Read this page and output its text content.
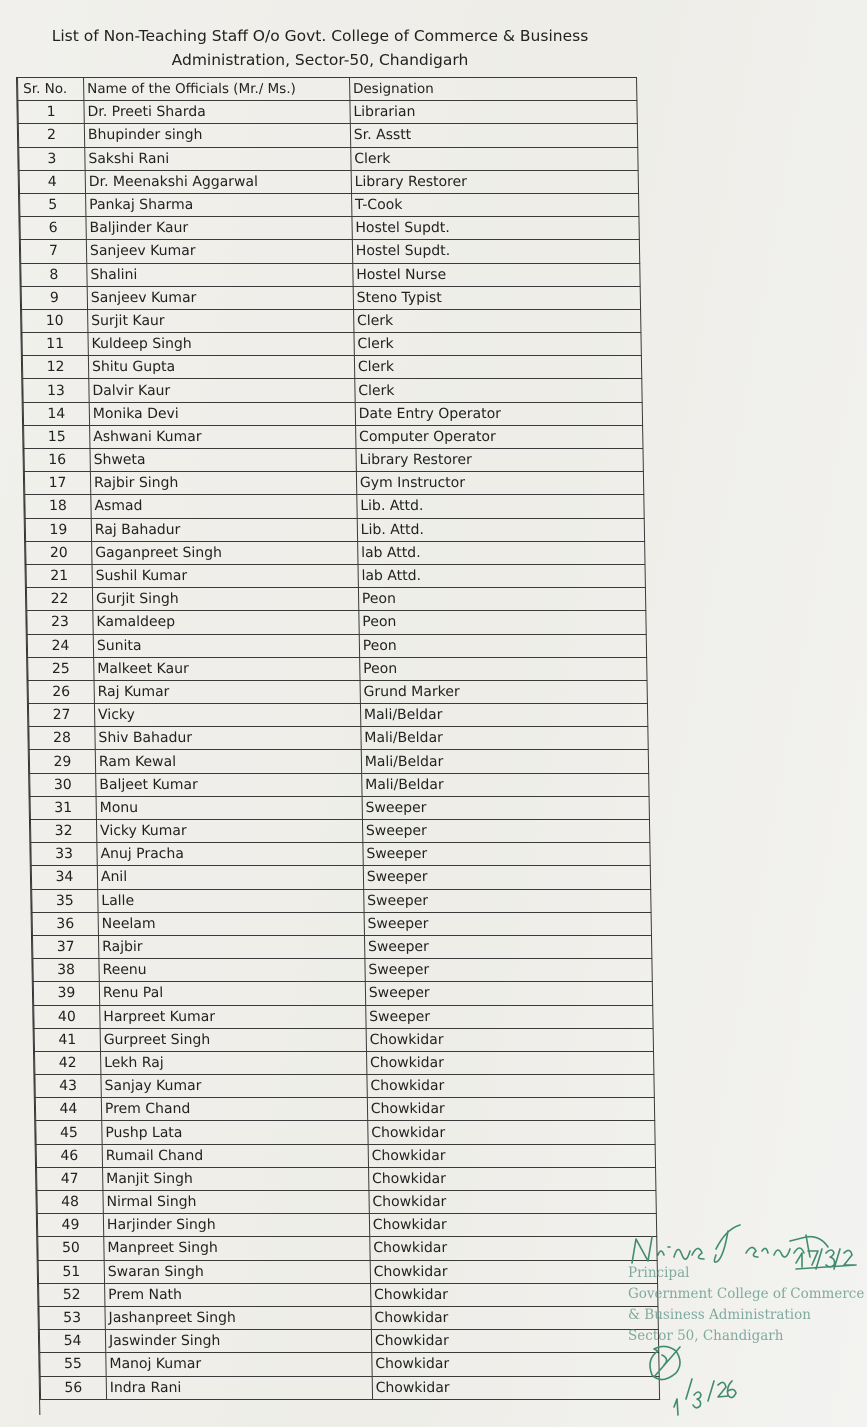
List of Non-Teaching Staff O/o Govt. College of Commerce & Business
Administration, Sector-50, Chandigarh
Sr. No.	Name of the Officials (Mr./ Ms.)	Designation
1	Dr. Preeti Sharda	Librarian
2	Bhupinder singh	Sr. Asstt
3	Sakshi Rani	Clerk
4	Dr. Meenakshi Aggarwal	Library Restorer
5	Pankaj Sharma	T-Cook
6	Baljinder Kaur	Hostel Supdt.
7	Sanjeev Kumar	Hostel Supdt.
8	Shalini	Hostel Nurse
9	Sanjeev Kumar	Steno Typist
10	Surjit Kaur	Clerk
11	Kuldeep Singh	Clerk
12	Shitu Gupta	Clerk
13	Dalvir Kaur	Clerk
14	Monika Devi	Date Entry Operator
15	Ashwani Kumar	Computer Operator
16	Shweta	Library Restorer
17	Rajbir Singh	Gym Instructor
18	Asmad	Lib. Attd.
19	Raj Bahadur	Lib. Attd.
20	Gaganpreet Singh	lab Attd.
21	Sushil Kumar	lab Attd.
22	Gurjit Singh	Peon
23	Kamaldeep	Peon
24	Sunita	Peon
25	Malkeet Kaur	Peon
26	Raj Kumar	Grund Marker
27	Vicky	Mali/Beldar
28	Shiv Bahadur	Mali/Beldar
29	Ram Kewal	Mali/Beldar
30	Baljeet Kumar	Mali/Beldar
31	Monu	Sweeper
32	Vicky Kumar	Sweeper
33	Anuj Pracha	Sweeper
34	Anil	Sweeper
35	Lalle	Sweeper
36	Neelam	Sweeper
37	Rajbir	Sweeper
38	Reenu	Sweeper
39	Renu Pal	Sweeper
40	Harpreet Kumar	Sweeper
41	Gurpreet Singh	Chowkidar
42	Lekh Raj	Chowkidar
43	Sanjay Kumar	Chowkidar
44	Prem Chand	Chowkidar
45	Pushp Lata	Chowkidar
46	Rumail Chand	Chowkidar
47	Manjit Singh	Chowkidar
48	Nirmal Singh	Chowkidar
49	Harjinder Singh	Chowkidar
50	Manpreet Singh	Chowkidar
51	Swaran Singh	Chowkidar
52	Prem Nath	Chowkidar
53	Jashanpreet Singh	Chowkidar
54	Jaswinder Singh	Chowkidar
55	Manoj Kumar	Chowkidar
56	Indra Rani	Chowkidar
Principal
Government College of Commerce
& Business Administration
Sector 50, Chandigarh
